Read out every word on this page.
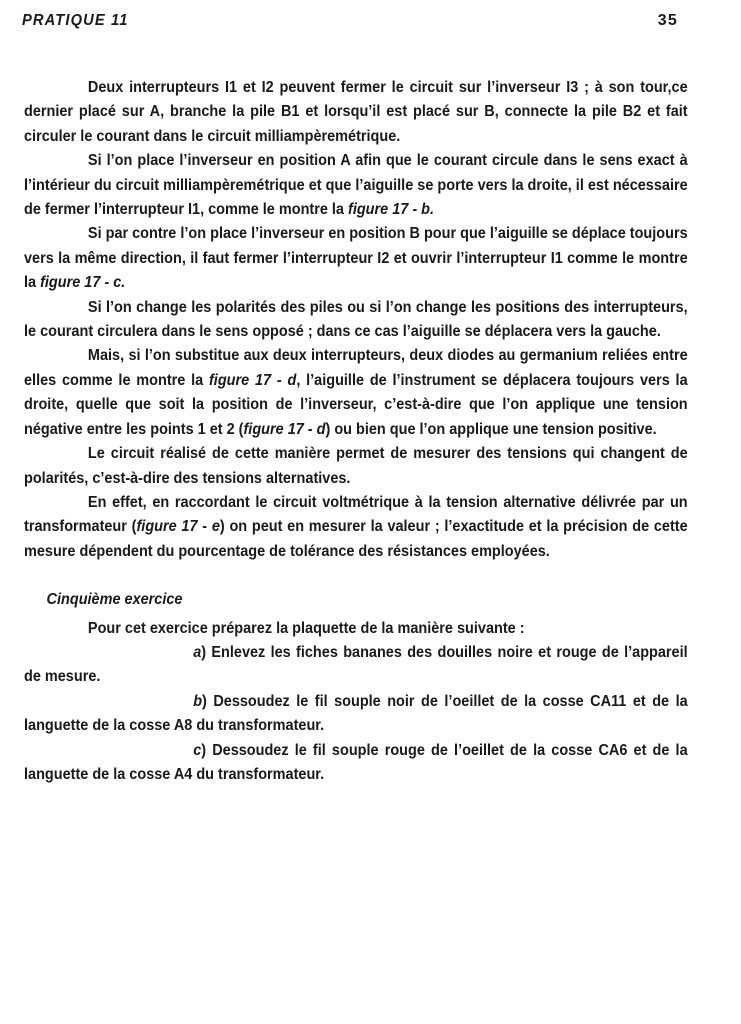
PRATIQUE 11	35

Deux interrupteurs I1 et I2 peuvent fermer le circuit sur l’inverseur I3 ; à son tour,ce dernier placé sur A, branche la pile B1 et lorsqu’il est placé sur B, connecte la pile B2 et fait circuler le courant dans le circuit milliampèremétrique.

Si l’on place l’inverseur en position A afin que le courant circule dans le sens exact à l’intérieur du circuit milliampèremétrique et que l’aiguille se porte vers la droite, il est nécessaire de fermer l’interrupteur I1, comme le montre la figure 17 - b.

Si par contre l’on place l’inverseur en position B pour que l’aiguille se déplace toujours vers la même direction, il faut fermer l’interrupteur I2 et ouvrir l’interrupteur I1 comme le montre la figure 17 - c.

Si l’on change les polarités des piles ou si l’on change les positions des interrupteurs, le courant circulera dans le sens opposé ; dans ce cas l’aiguille se déplacera vers la gauche.

Mais, si l’on substitue aux deux interrupteurs, deux diodes au germanium reliées entre elles comme le montre la figure 17 - d, l’aiguille de l’instrument se déplacera toujours vers la droite, quelle que soit la position de l’inverseur, c’est-à-dire que l’on applique une tension négative entre les points 1 et 2 (figure 17 - d) ou bien que l’on applique une tension positive.

Le circuit réalisé de cette manière permet de mesurer des tensions qui changent de polarités, c’est-à-dire des tensions alternatives.

En effet, en raccordant le circuit voltmétrique à la tension alternative délivrée par un transformateur (figure 17 - e) on peut en mesurer la valeur ; l’exactitude et la précision de cette mesure dépendent du pourcentage de tolérance des résistances employées.

Cinquième exercice

Pour cet exercice préparez la plaquette de la manière suivante :

a) Enlevez les fiches bananes des douilles noire et rouge de l’appareil de mesure.

b) Dessoudez le fil souple noir de l’oeillet de la cosse CA11 et de la languette de la cosse A8 du transformateur.

c) Dessoudez le fil souple rouge de l’oeillet de la cosse CA6 et de la languette de la cosse A4 du transformateur.
